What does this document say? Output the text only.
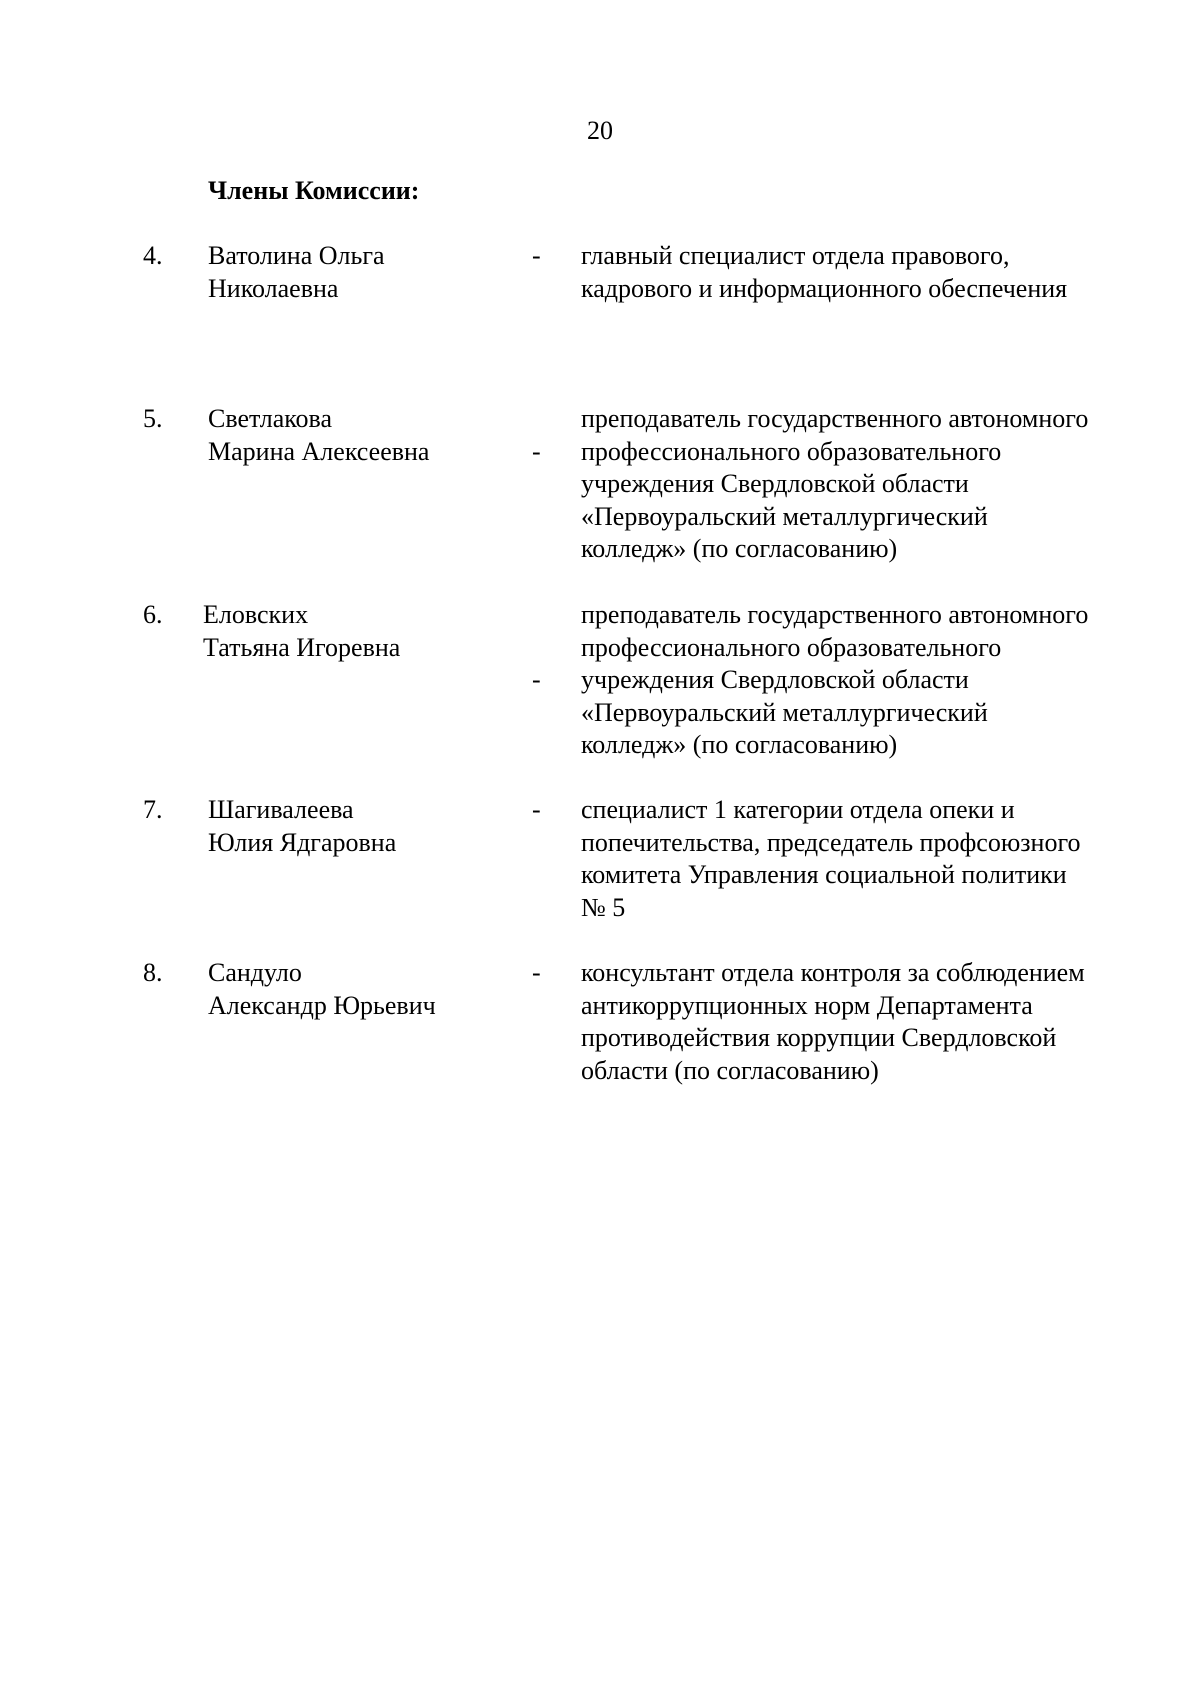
20
Члены Комиссии:
4. Ватолина Ольга
Николаевна
- главный специалист отдела правового,
кадрового и информационного обеспечения
5. Светлакова
Марина Алексеевна	-
преподаватель государственного автономного
профессионального образовательного
учреждения Свердловской области
«Первоуральский металлургический
колледж» (по согласованию)
6. Еловских
Татьяна Игоревна
-
преподаватель государственного автономного
профессионального образовательного
учреждения Свердловской области
«Первоуральский металлургический
колледж» (по согласованию)
7. Шагивалеева
Юлия Ядгаровна
- специалист 1 категории отдела опеки и
попечительства, председатель профсоюзного
комитета Управления социальной политики
№ 5
8. Сандуло
Александр Юрьевич
- консультант отдела контроля за соблюдением
антикоррупционных норм Департамента
противодействия коррупции Свердловской
области (по согласованию)
